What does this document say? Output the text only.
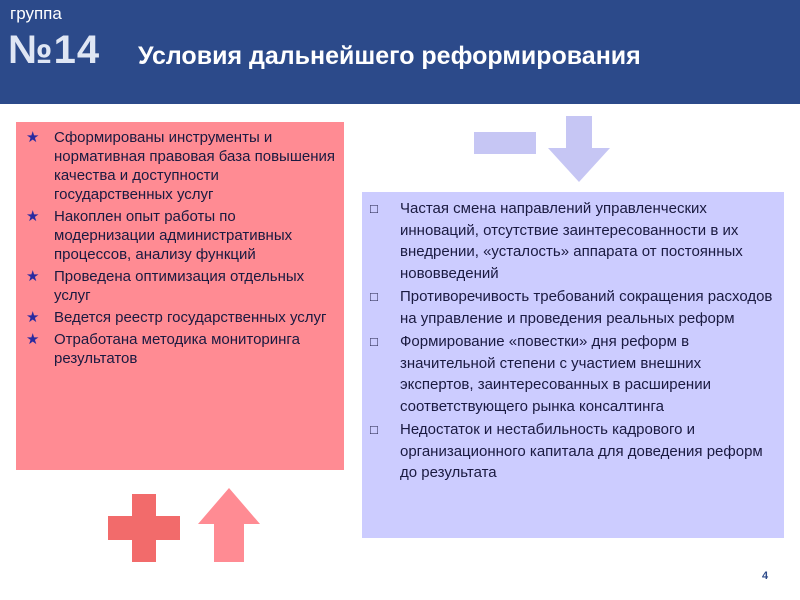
группа
№14 Условия дальнейшего реформирования
★ Сформированы инструменты и нормативная правовая база повышения качества и доступности государственных услуг
★ Накоплен опыт работы по модернизации административных процессов, анализу функций
★ Проведена оптимизация отдельных услуг
★ Ведется реестр государственных услуг
★ Отработана методика мониторинга результатов
□ Частая смена направлений управленческих инноваций, отсутствие заинтересованности в их внедрении, «усталость» аппарата от постоянных нововведений
□ Противоречивость требований сокращения расходов на управление и проведения реальных реформ
□ Формирование «повестки» дня реформ в значительной степени с участием внешних экспертов, заинтересованных в расширении соответствующего рынка консалтинга
□ Недостаток и нестабильность кадрового и организационного капитала для доведения реформ до результата
4
